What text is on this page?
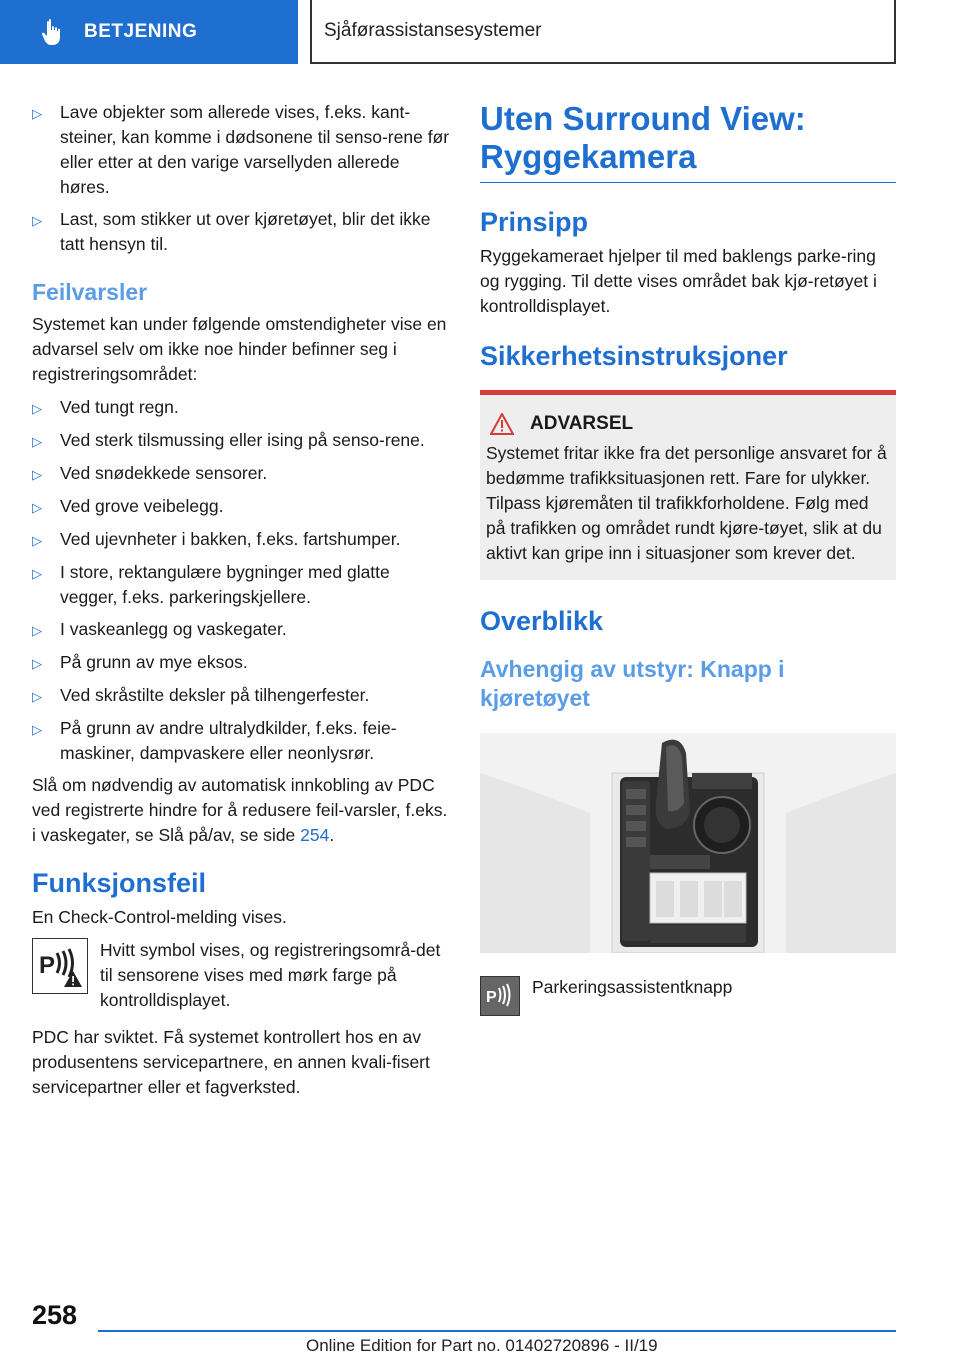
BETJENING	Sjåførassistansesystemer
▷	Lave objekter som allerede vises, f.eks. kant-steiner, kan komme i dødsonene til senso-rene før eller etter at den varige varsellyden allerede høres.
▷	Last, som stikker ut over kjøretøyet, blir det ikke tatt hensyn til.
Feilvarsler

Systemet kan under følgende omstendigheter vise en advarsel selv om ikke noe hinder befinner seg i registreringsområdet:

▷	Ved tungt regn.
▷	Ved sterk tilsmussing eller ising på senso-rene.
▷	Ved snødekkede sensorer.
▷	Ved grove veibelegg.
▷	Ved ujevnheter i bakken, f.eks. fartshumper.
▷	I store, rektangulære bygninger med glatte vegger, f.eks. parkeringskjellere.
▷	I vaskeanlegg og vaskegater.
▷	På grunn av mye eksos.
▷	Ved skråstilte deksler på tilhengerfester.
▷	På grunn av andre ultralydkilder, f.eks. feie-maskiner, dampvaskere eller neonlysrør.

Slå om nødvendig av automatisk innkobling av PDC ved registrerte hindre for å redusere feil-varsler, f.eks. i vaskegater, se Slå på/av, se side 254.

Funksjonsfeil

En Check-Control-melding vises.

P
Hvitt symbol vises, og registreringsområ-det til sensorene vises med mørk farge på kontrolldisplayet.

PDC har sviktet. Få systemet kontrollert hos en av produsentens servicepartnere, en annen kvali-fisert servicepartner eller et fagverksted.

Uten Surround View: Ryggekamera
Prinsipp

Ryggekameraet hjelper til med baklengs parke-ring og rygging. Til dette vises området bak kjø-retøyet i kontrolldisplayet.

Sikkerhetsinstruksjoner
ADVARSEL

Systemet fritar ikke fra det personlige ansvaret for å bedømme trafikksituasjonen rett. Fare for ulykker. Tilpass kjøremåten til trafikkforholdene. Følg med på trafikken og området rundt kjøre-tøyet, slik at du aktivt kan gripe inn i situasjoner som krever det.

Overblikk
Avhengig av utstyr: Knapp i kjøretøyet
P
Parkeringsassistentknapp
258
Online Edition for Part no. 01402720896 - II/19
